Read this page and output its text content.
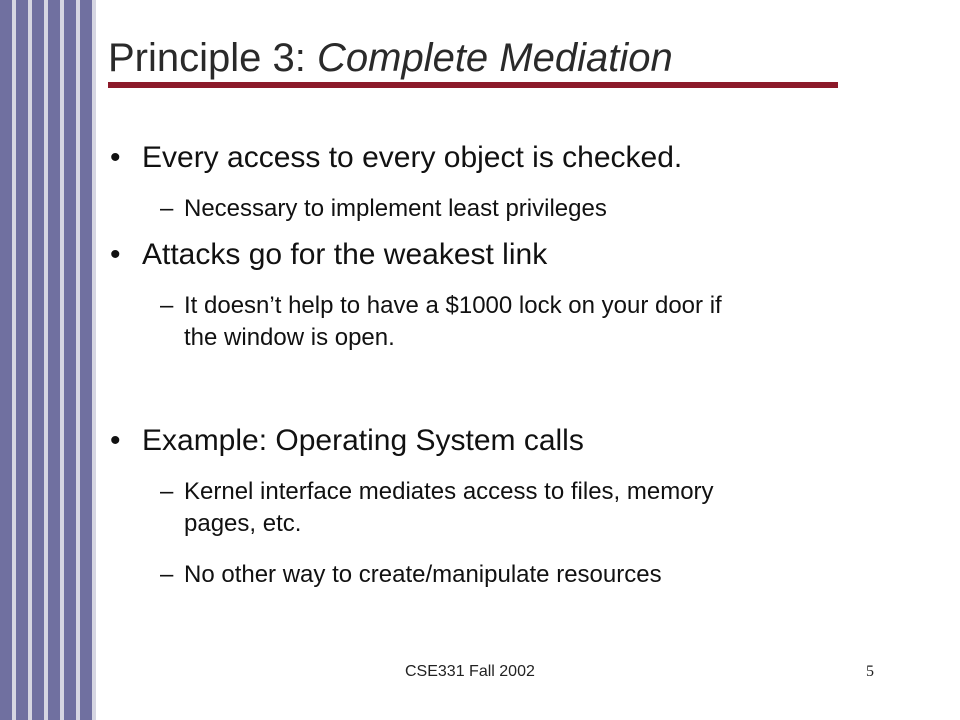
Principle 3: Complete Mediation
• Every access to every object is checked.
– Necessary to implement least privileges
• Attacks go for the weakest link
– It doesn’t help to have a $1000 lock on your door if the window is open.
• Example: Operating System calls
– Kernel interface mediates access to files, memory pages, etc.
– No other way to create/manipulate resources
CSE331 Fall 2002	5
